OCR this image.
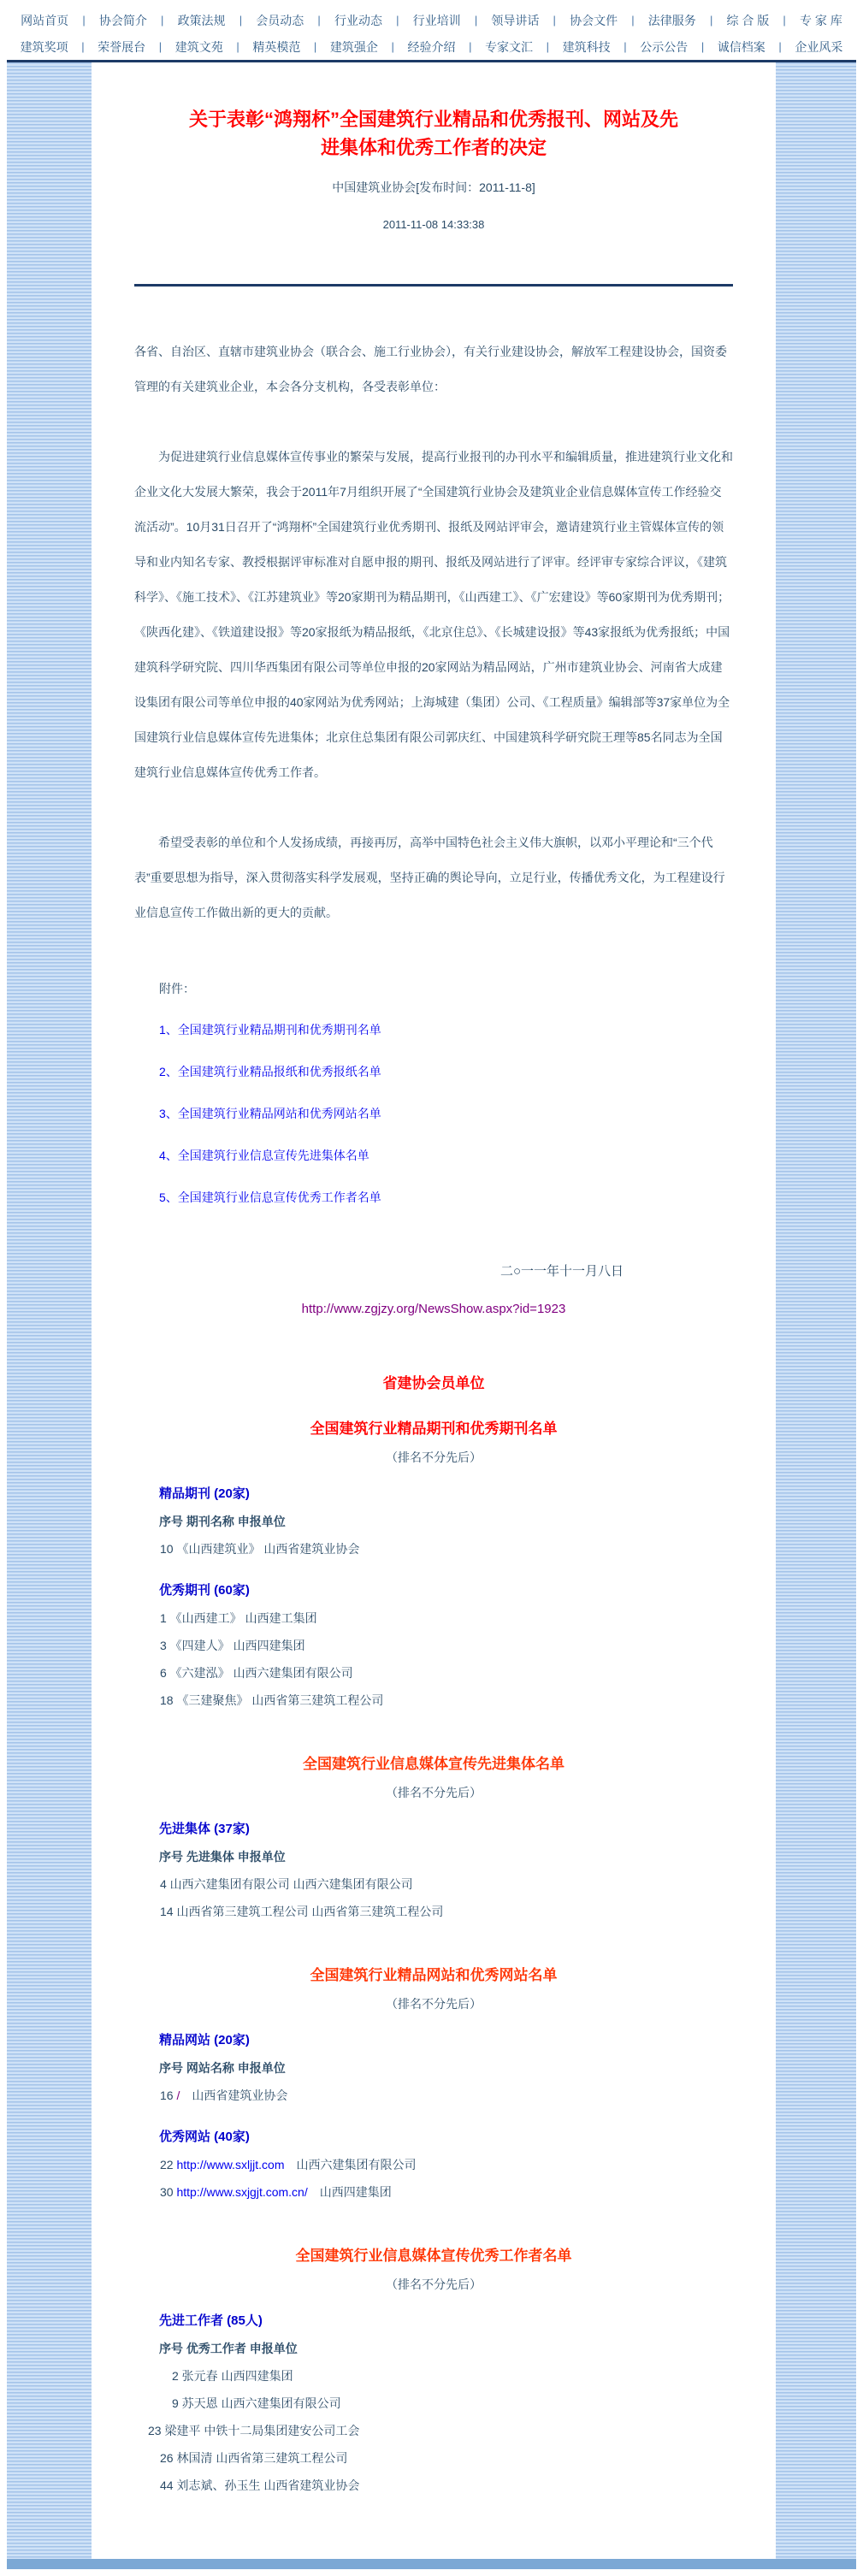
网站首页 | 协会简介 | 政策法规 | 会员动态 | 行业动态 | 行业培训 | 领导讲话 | 协会文件 | 法律服务 | 综 合 版 | 专 家 库
建筑奖项 | 荣誉展台 | 建筑文苑 | 精英模范 | 建筑强企 | 经验介绍 | 专家文汇 | 建筑科技 | 公示公告 | 诚信档案 | 企业风采
关于表彰“鸿翔杯”全国建筑行业精品和优秀报刊、网站及先进集体和优秀工作者的决定
中国建筑业协会[发布时间：2011-11-8]
2011-11-08 14:33:38

各省、自治区、直辖市建筑业协会（联合会、施工行业协会），有关行业建设协会，解放军工程建设协会，国资委管理的有关建筑业企业，本会各分支机构，各受表彰单位：

为促进建筑行业信息媒体宣传事业的繁荣与发展，提高行业报刊的办刊水平和编辑质量，推进建筑行业文化和企业文化大发展大繁荣，我会于2011年7月组织开展了“全国建筑行业协会及建筑业企业信息媒体宣传工作经验交流活动”。10月31日召开了“鸿翔杯”全国建筑行业优秀期刊、报纸及网站评审会，邀请建筑行业主管媒体宣传的领导和业内知名专家、教授根据评审标准对自愿申报的期刊、报纸及网站进行了评审。经评审专家综合评议，《建筑科学》、《施工技术》、《江苏建筑业》等20家期刊为精品期刊，《山西建工》、《广宏建设》等60家期刊为优秀期刊；《陕西化建》、《铁道建设报》等20家报纸为精品报纸，《北京住总》、《长城建设报》等43家报纸为优秀报纸；中国建筑科学研究院、四川华西集团有限公司等单位申报的20家网站为精品网站，广州市建筑业协会、河南省大成建设集团有限公司等单位申报的40家网站为优秀网站；上海城建（集团）公司、《工程质量》编辑部等37家单位为全国建筑行业信息媒体宣传先进集体；北京住总集团有限公司郭庆红、中国建筑科学研究院王理等85名同志为全国建筑行业信息媒体宣传优秀工作者。

希望受表彰的单位和个人发扬成绩，再接再厉，高举中国特色社会主义伟大旗帜，以邓小平理论和“三个代表”重要思想为指导，深入贯彻落实科学发展观，坚持正确的舆论导向，立足行业，传播优秀文化，为工程建设行业信息宣传工作做出新的更大的贡献。

附件：
1、全国建筑行业精品期刊和优秀期刊名单
2、全国建筑行业精品报纸和优秀报纸名单
3、全国建筑行业精品网站和优秀网站名单
4、全国建筑行业信息宣传先进集体名单
5、全国建筑行业信息宣传优秀工作者名单
二○一一年十一月八日
http://www.zgjzy.org/NewsShow.aspx?id=1923
省建协会员单位
全国建筑行业精品期刊和优秀期刊名单
（排名不分先后）
精品期刊 (20家)
序号 期刊名称 申报单位
　10 《山西建筑业》 山西省建筑业协会
优秀期刊 (60家)
　1 《山西建工》 山西建工集团
　3 《四建人》 山西四建集团
　6 《六建泓》 山西六建集团有限公司
　18 《三建聚焦》 山西省第三建筑工程公司
全国建筑行业信息媒体宣传先进集体名单
（排名不分先后）
先进集体 (37家)
序号 先进集体 申报单位
　4 山西六建集团有限公司 山西六建集团有限公司
　14 山西省第三建筑工程公司 山西省第三建筑工程公司
全国建筑行业精品网站和优秀网站名单
（排名不分先后）
精品网站 (20家)
序号 网站名称 申报单位
　16 /　山西省建筑业协会
优秀网站 (40家)
　22 http://www.sxljjt.com　山西六建集团有限公司
　30 http://www.sxjgjt.com.cn/　山西四建集团
全国建筑行业信息媒体宣传优秀工作者名单
（排名不分先后）
先进工作者 (85人)
序号 优秀工作者 申报单位
　　2 张元春 山西四建集团
　　9 苏天恩 山西六建集团有限公司
23 梁建平 中铁十二局集团建安公司工会
　26 林国清 山西省第三建筑工程公司
　44 刘志斌、孙玉生 山西省建筑业协会
